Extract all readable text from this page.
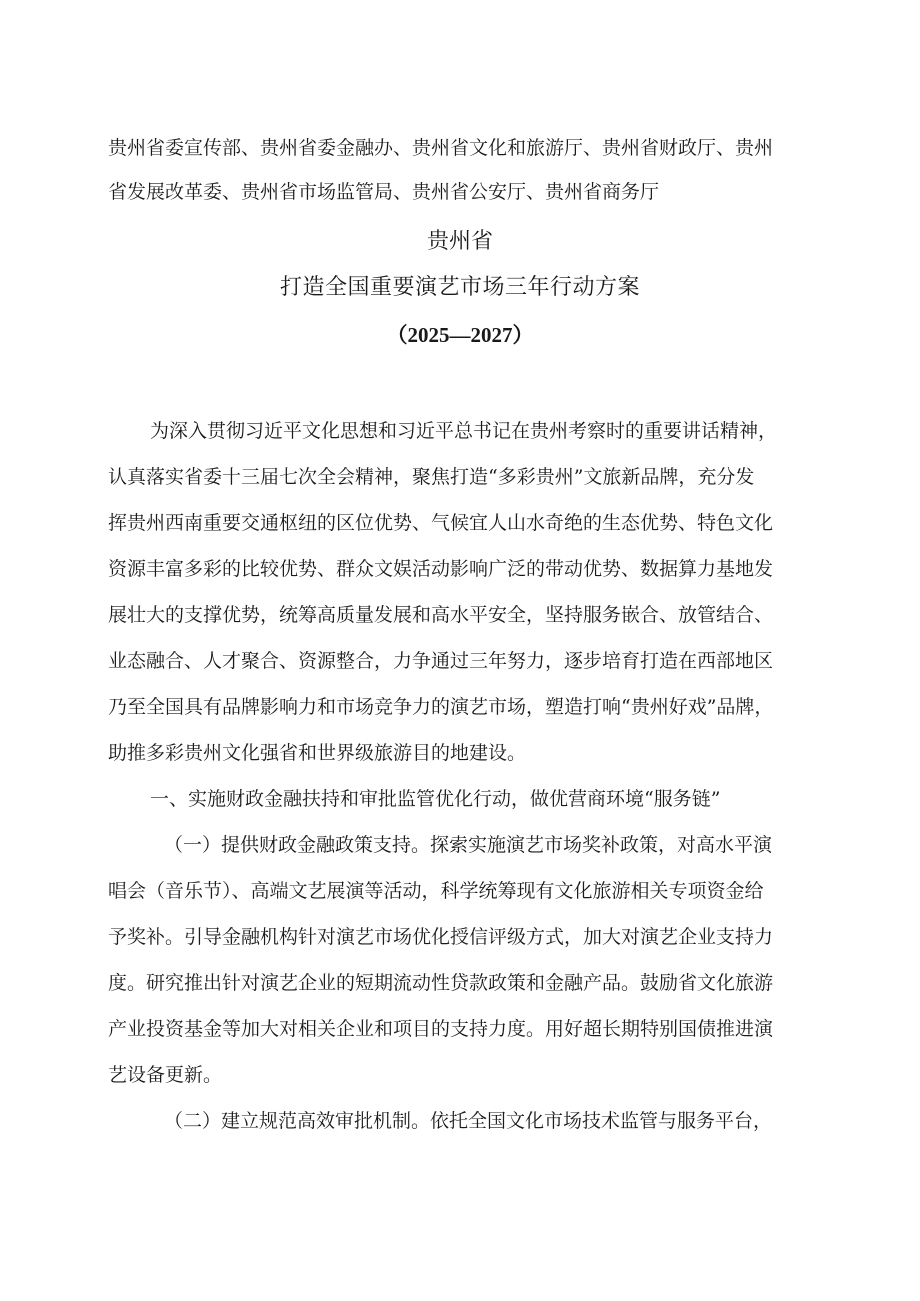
贵州省委宣传部、贵州省委金融办、贵州省文化和旅游厅、贵州省财政厅、贵州

省发展改革委、贵州省市场监管局、贵州省公安厅、贵州省商务厅

贵州省

打造全国重要演艺市场三年行动方案

（2025—2027）

为深入贯彻习近平文化思想和习近平总书记在贵州考察时的重要讲话精神，
认真落实省委十三届七次全会精神，聚焦打造“多彩贵州”文旅新品牌，充分发
挥贵州西南重要交通枢纽的区位优势、气候宜人山水奇绝的生态优势、特色文化
资源丰富多彩的比较优势、群众文娱活动影响广泛的带动优势、数据算力基地发
展壮大的支撑优势，统筹高质量发展和高水平安全，坚持服务嵌合、放管结合、
业态融合、人才聚合、资源整合，力争通过三年努力，逐步培育打造在西部地区
乃至全国具有品牌影响力和市场竞争力的演艺市场，塑造打响“贵州好戏”品牌，
助推多彩贵州文化强省和世界级旅游目的地建设。

一、实施财政金融扶持和审批监管优化行动，做优营商环境“服务链”

（一）提供财政金融政策支持。探索实施演艺市场奖补政策，对高水平演
唱会（音乐节）、高端文艺展演等活动，科学统筹现有文化旅游相关专项资金给
予奖补。引导金融机构针对演艺市场优化授信评级方式，加大对演艺企业支持力
度。研究推出针对演艺企业的短期流动性贷款政策和金融产品。鼓励省文化旅游
产业投资基金等加大对相关企业和项目的支持力度。用好超长期特别国债推进演
艺设备更新。

（二）建立规范高效审批机制。依托全国文化市场技术监管与服务平台，
